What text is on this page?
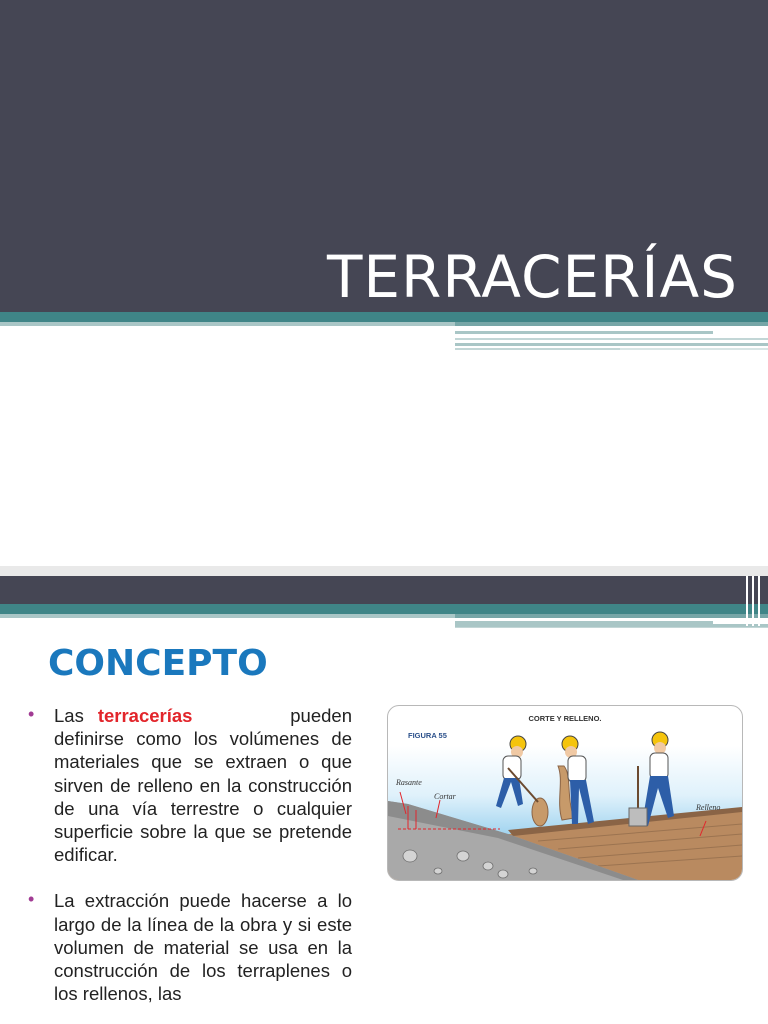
TERRACERÍAS
CONCEPTO
• Las terracerías	pueden definirse como los volúmenes de materiales que se extraen o que sirven de relleno en la construcción de una vía terrestre o cualquier superficie sobre la que se pretende edificar.
• La extracción puede hacerse a lo largo de la línea de la obra y si este volumen de material se usa en la construcción de los terraplenes o los rellenos, las
CORTE Y RELLENO.
FIGURA 55
Rasante
Cortar
Relleno
